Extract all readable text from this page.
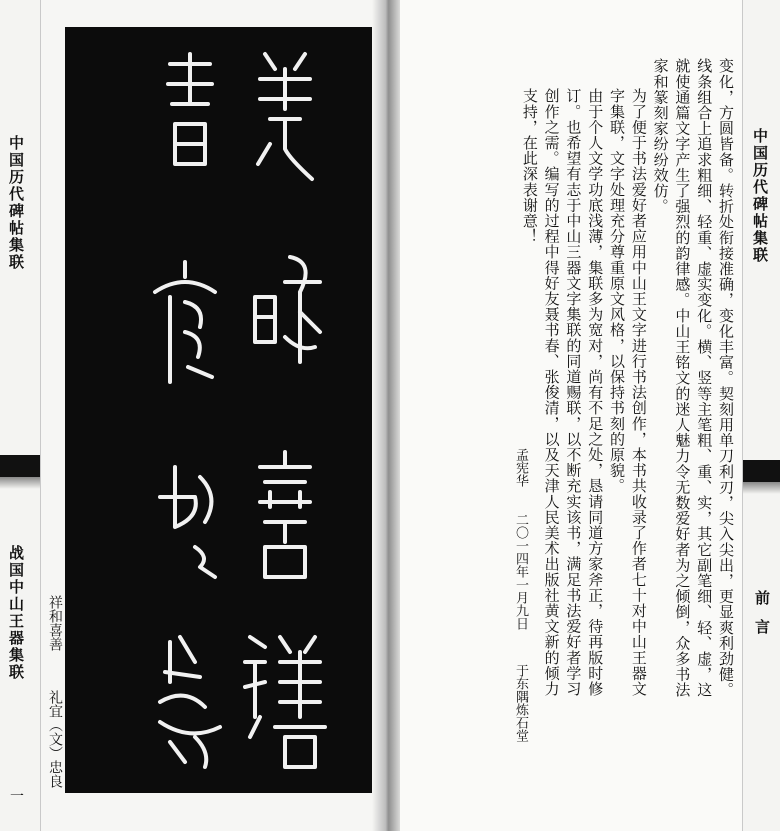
中国历代碑帖集联
战国中山王器集联
一
祥和喜善
礼宜（文）忠良

变化，方圆皆备。转折处衔接准确，变化丰富。契刻用单刀利刃，尖入尖出，更显爽利劲健。线条组合上追求粗细、轻重、虚实变化。横、竖等主笔粗、重、实，其它副笔细、轻、虚，这就使通篇文字产生了强烈的韵律感。中山王铭文的迷人魅力令无数爱好者为之倾倒，众多书法家和篆刻家纷纷效仿。

为了便于书法爱好者应用中山王文字进行书法创作，本书共收录了作者七十对中山王器文字集联，文字处理充分尊重原文风格，以保持书刻的原貌。

由于个人文学功底浅薄，集联多为宽对，尚有不足之处，恳请同道方家斧正，待再版时修订。也希望有志于中山三器文字集联的同道赐联，以不断充实该书，满足书法爱好者学习创作之需。编写的过程中得好友聂书春、张俊清，以及天津人民美术出版社黄文新的倾力支持，在此深表谢意！

孟宪华二〇一四年一月九日于东隅炼石堂
中国历代碑帖集联
前言
